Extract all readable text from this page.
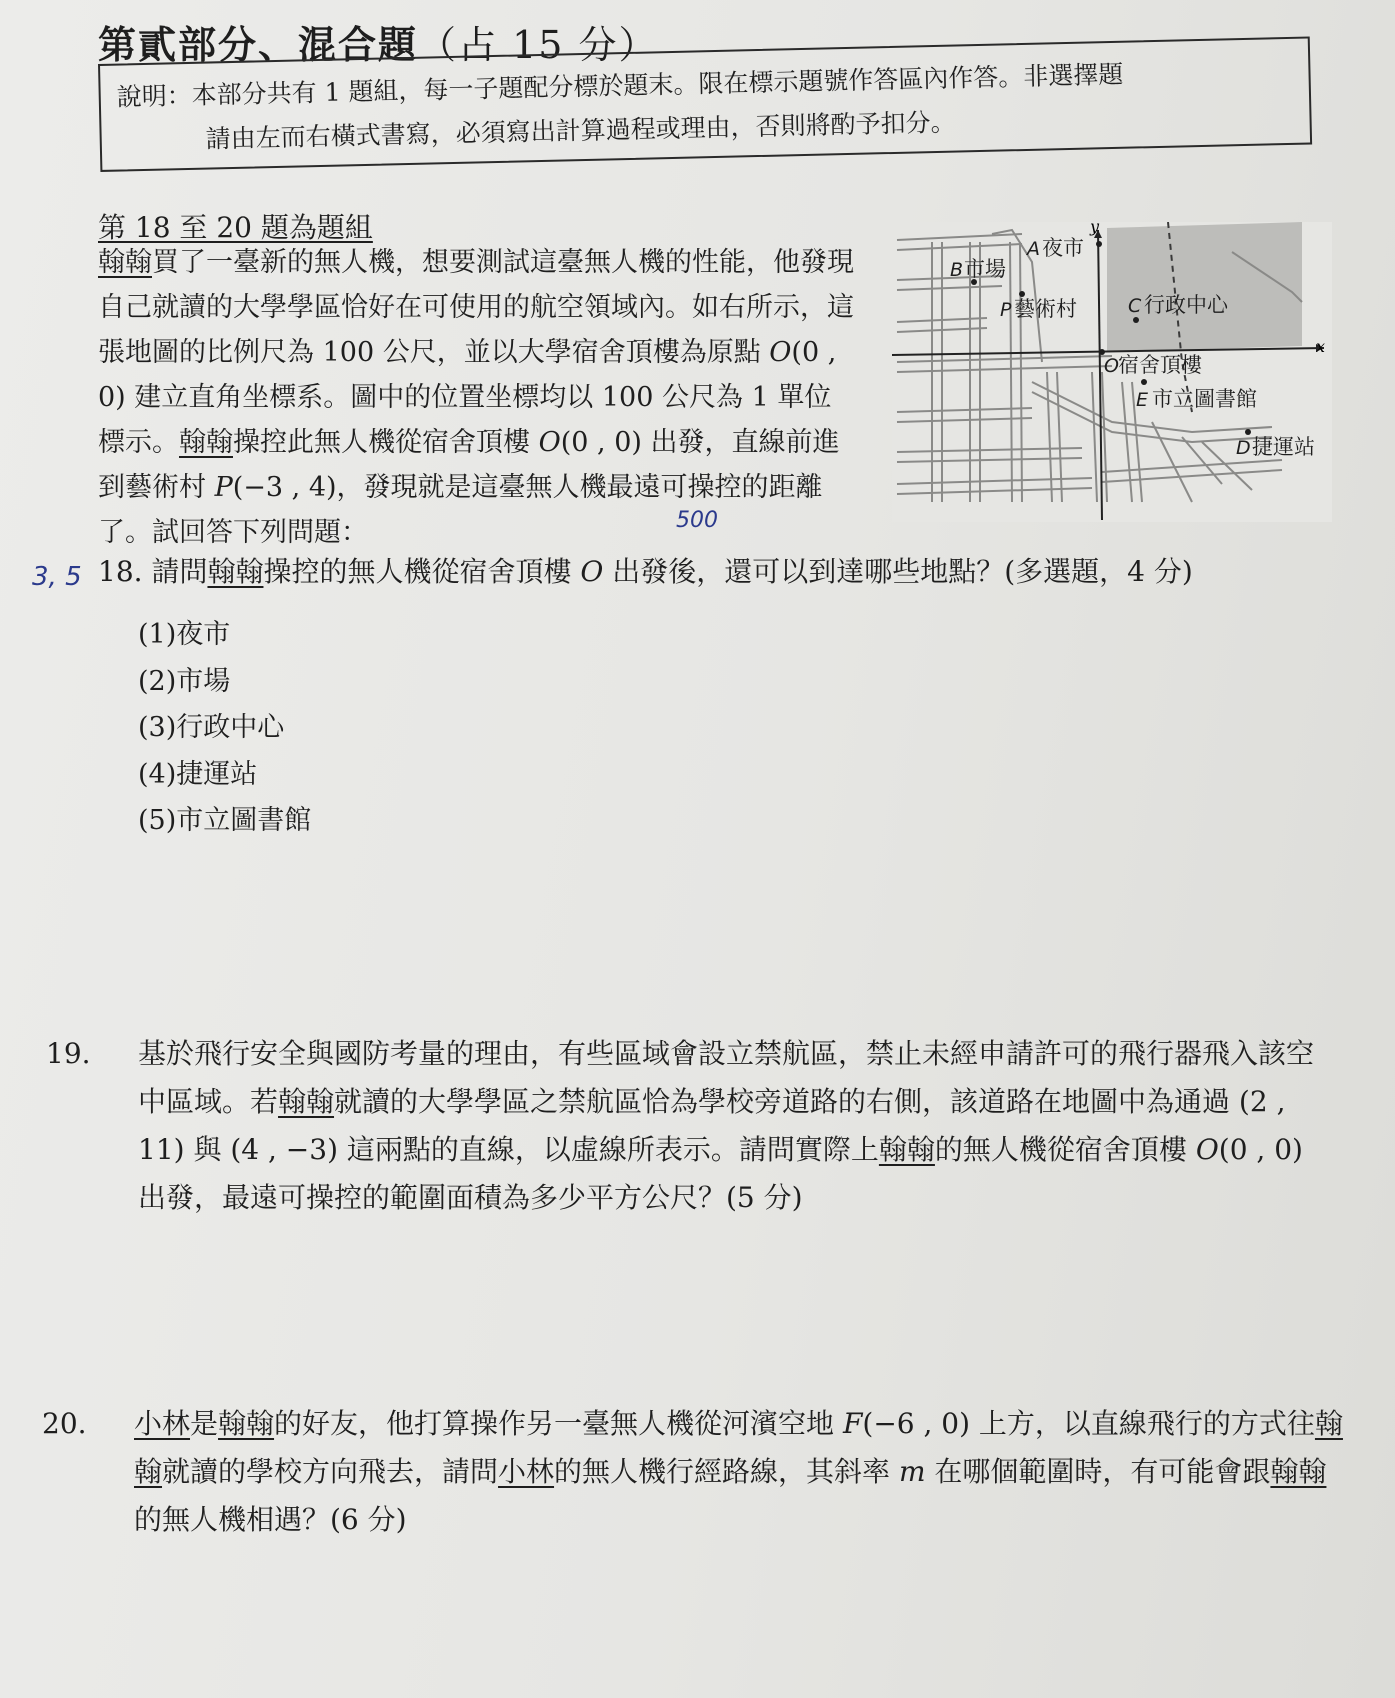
第貳部分、混合題（占 15 分）
說明：本部分共有 1 題組，每一子題配分標於題末。限在標示題號作答區內作答。非選擇題
請由左而右橫式書寫，必須寫出計算過程或理由，否則將酌予扣分。
第 18 至 20 題為題組
翰翰買了一臺新的無人機，想要測試這臺無人機的性能，他發現自己就讀的大學學區恰好在可使用的航空領域內。如右所示，這張地圖的比例尺為 100 公尺，並以大學宿舍頂樓為原點 O(0 , 0) 建立直角坐標系。圖中的位置坐標均以 100 公尺為 1 單位標示。翰翰操控此無人機從宿舍頂樓 O(0 , 0) 出發，直線前進到藝術村 P(−3 , 4)，發現就是這臺無人機最遠可操控的距離了。試回答下列問題：
x
y
A 夜市
B 市場
P 藝術村	C 行政中心
O 宿舍頂樓
E 市立圖書館
D 捷運站
500
3, 5 18. 請問翰翰操控的無人機從宿舍頂樓 O 出發後，還可以到達哪些地點？(多選題，4 分)
(1)夜市
(2)市場
(3)行政中心
(4)捷運站
(5)市立圖書館
19. 基於飛行安全與國防考量的理由，有些區域會設立禁航區，禁止未經申請許可的飛行器飛入該空中區域。若翰翰就讀的大學學區之禁航區恰為學校旁道路的右側，該道路在地圖中為通過 (2 , 11) 與 (4 , −3) 這兩點的直線，以虛線所表示。請問實際上翰翰的無人機從宿舍頂樓 O(0 , 0) 出發，最遠可操控的範圍面積為多少平方公尺？(5 分)
20. 小林是翰翰的好友，他打算操作另一臺無人機從河濱空地 F(−6 , 0) 上方，以直線飛行的方式往翰翰就讀的學校方向飛去，請問小林的無人機行經路線，其斜率 m 在哪個範圍時，有可能會跟翰翰的無人機相遇？(6 分)
